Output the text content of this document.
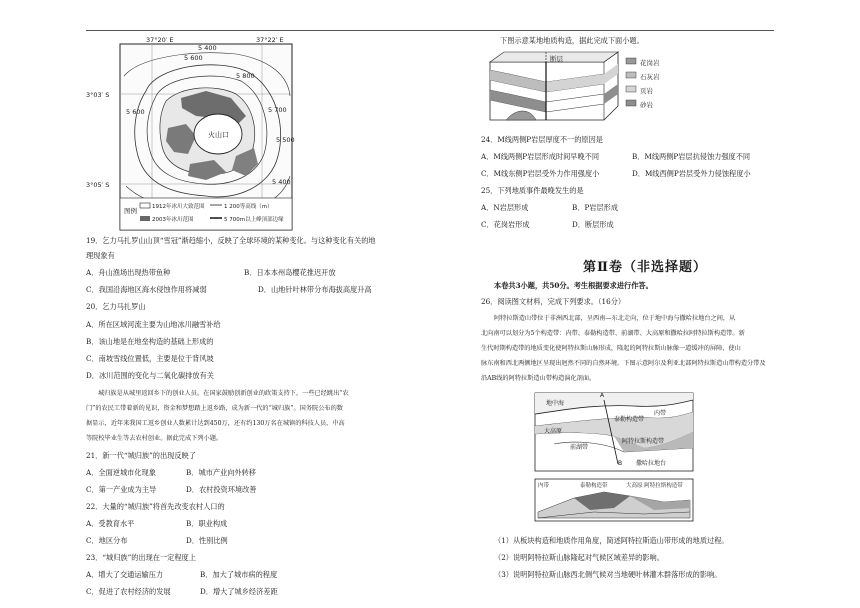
37°20′ E	37°22′ E
3°03′ S
3°05′ S
5 400
5 600
5 800
5 700
5 500
5 400
5 600
火山口
图例	1912年冰川大致范围	1 200等高线（m）
2003年冰川范围	5 700m以上峰顶部边缘
19．乞力马扎罗山山顶“雪冠”渐趋缩小，反映了全球环境的某种变化。与这种变化有关的地
理现象有
A．舟山渔场出现热带鱼种	B．日本本州岛樱花推迟开放
C．我国沿海地区海水侵蚀作用将减弱	D．山地针叶林带分布海拔高度升高
20．乞力马扎罗山
A．所在区域河流主要为山地冰川融雪补给
B．该山地是在地垒构造的基础上形成的
C．南坡雪线位置低，主要是位于背风坡
D．冰川范围的变化与二氧化碳排放有关
城归族是从城里返回乡下的创业人员。在国家鼓励创新创业的政策支持下，一些已经跳出“农
门”的农民工带着新的见识，资金和梦想踏上返乡路，成为新一代的“城归族”。国务院公布的数
据显示，近年来我国工返乡创业人数累计达到450万，还有约130万名在城镇的科技人员、中高
等院校毕业生等去农村创业。据此完成下列小题。
21．新一代“城归族”的出现反映了
A．全面逆城市化现象	B．城市产业向外转移
C．第一产业成为主导	D．农村投资环境改善
22．大量的“城归族”将首先改变农村人口的
A．受教育水平	B．职业构成
C．地区分布	D．性别比例
23．“城归族”的出现在一定程度上
A．增大了交通运输压力	B．加大了城市病的程度
C．促进了农村经济的发展	D．增大了城乡经济差距
下图示意某地地质构造，据此完成下面小题。
断层	花岗岩
石灰岩
页岩
砂岩
24．M线两侧P岩层厚度不一的原因是
A．M线两侧P岩层形成时间早晚不同	B．M线两侧P岩层抗侵蚀力强度不同
C．M线东侧P岩层受外力作用强度小	D．M线西侧P岩层受外力侵蚀程度小
25．下列地质事件最晚发生的是
A．N岩层形成	B．P岩层形成
C．花岗岩形成	D．断层形成
第Ⅱ卷（非选择题）
本卷共3小题，共50分。考生根据要求进行作答。
26．阅读图文材料，完成下列要求。（16分）
阿特拉斯造山带位于非洲西北部，呈西南—东北走向，位于地中海与撒哈拉地台之间，从
北向南可以划分为5个构造带：内带、泰勒构造带、前湖带、大高原和撒哈拉阿特拉斯构造带。新
生代时期构造带的地质变化使阿特拉斯山脉形成，隆起的阿特拉斯山脉像一道缓冲的屏障，使山
脉东南和西北两侧地区呈现出迥然不同的自然环境。下图示意阿尔及利亚北部阿特拉斯造山带构造分带及
沿AB线的阿特拉斯造山带构造演化剖面。
地中海
A
泰勒构造带
内带
大高原
阿特拉斯构造带
前湖带
B 撒哈拉地台
内带	泰勒构造带	大高原 阿特拉斯构造带
（1）从板块构造和地质作用角度，简述阿特拉斯造山带形成的地质过程。
（2）说明阿特拉斯山脉隆起对气候区域差异的影响。
（3）说明阿特拉斯山脉西北侧气候对当地硬叶林灌木群落形成的影响。
